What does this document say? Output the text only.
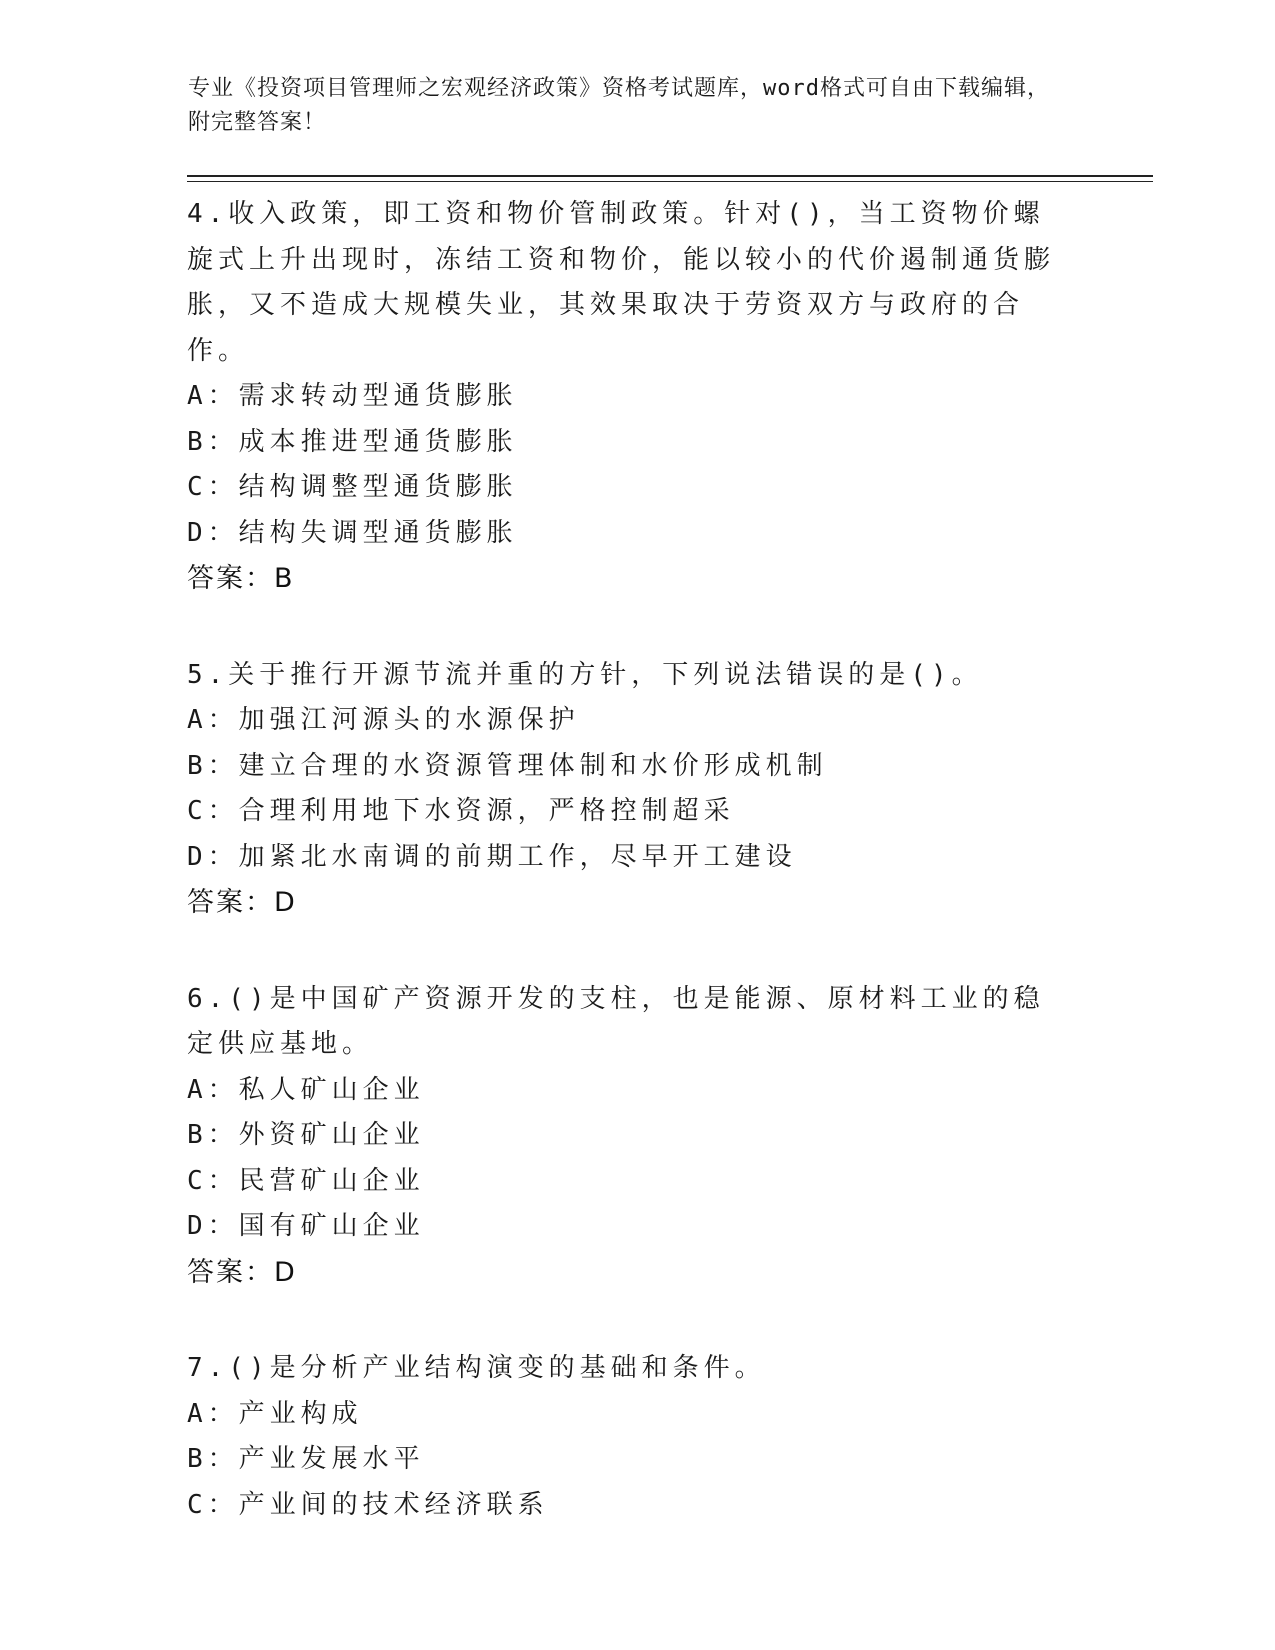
专业《投资项目管理师之宏观经济政策》资格考试题库，word格式可自由下载编辑，附完整答案！

4.收入政策，即工资和物价管制政策。针对()，当工资物价螺旋式上升出现时，冻结工资和物价，能以较小的代价遏制通货膨胀，又不造成大规模失业，其效果取决于劳资双方与政府的合作。

A：需求转动型通货膨胀

B：成本推进型通货膨胀

C：结构调整型通货膨胀

D：结构失调型通货膨胀

答案：B

5.关于推行开源节流并重的方针，下列说法错误的是()。

A：加强江河源头的水源保护

B：建立合理的水资源管理体制和水价形成机制

C：合理利用地下水资源，严格控制超采

D：加紧北水南调的前期工作，尽早开工建设

答案：D

6.()是中国矿产资源开发的支柱，也是能源、原材料工业的稳定供应基地。

A：私人矿山企业

B：外资矿山企业

C：民营矿山企业

D：国有矿山企业

答案：D

7.()是分析产业结构演变的基础和条件。

A：产业构成

B：产业发展水平

C：产业间的技术经济联系
